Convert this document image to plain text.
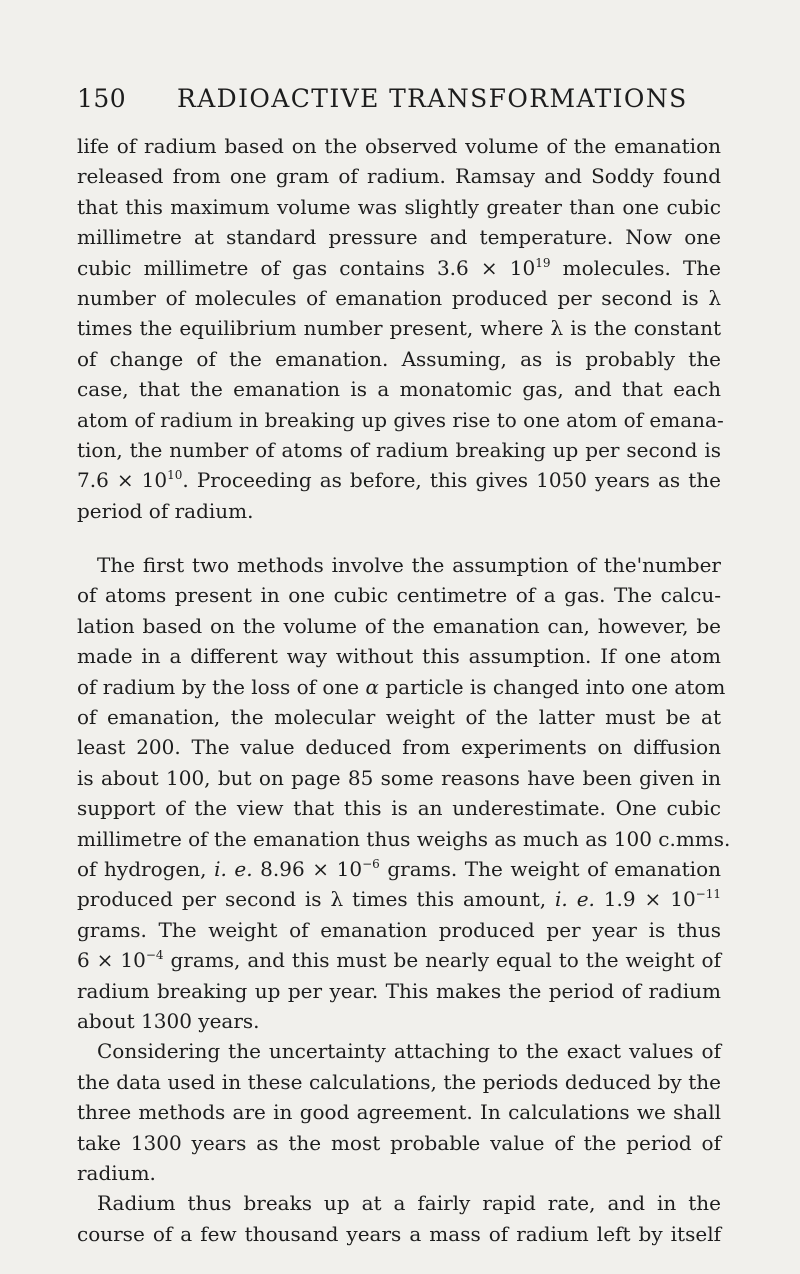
150 RADIOACTIVE TRANSFORMATIONS
life of radium based on the observed volume of the emanation
released from one gram of radium. Ramsay and Soddy found
that this maximum volume was slightly greater than one cubic
millimetre at standard pressure and temperature. Now one
cubic millimetre of gas contains $3.6 \times 10^{19}$ molecules. The
number of molecules of emanation produced per second is λ
times the equilibrium number present, where λ is the constant
of change of the emanation. Assuming, as is probably the
case, that the emanation is a monatomic gas, and that each
atom of radium in breaking up gives rise to one atom of emana-
tion, the number of atoms of radium breaking up per second is
$7.6 \times 10^{10}$. Proceeding as before, this gives 1050 years as the
period of radium.
The first two methods involve the assumption of the'number
of atoms present in one cubic centimetre of a gas. The calcu-
lation based on the volume of the emanation can, however, be
made in a different way without this assumption. If one atom
of radium by the loss of one α particle is changed into one atom
of emanation, the molecular weight of the latter must be at
least 200. The value deduced from experiments on diffusion
is about 100, but on page 85 some reasons have been given in
support of the view that this is an underestimate. One cubic
millimetre of the emanation thus weighs as much as 100 c.mms.
of hydrogen, i. e. $8.96 \times 10^{-6}$ grams. The weight of emanation
produced per second is λ times this amount, i. e. $1.9 \times 10^{-11}$
grams. The weight of emanation produced per year is thus
$6 \times 10^{-4}$ grams, and this must be nearly equal to the weight of
radium breaking up per year. This makes the period of radium
about 1300 years.
Considering the uncertainty attaching to the exact values of
the data used in these calculations, the periods deduced by the
three methods are in good agreement. In calculations we shall
take 1300 years as the most probable value of the period of
radium.
Radium thus breaks up at a fairly rapid rate, and in the
course of a few thousand years a mass of radium left by itself
